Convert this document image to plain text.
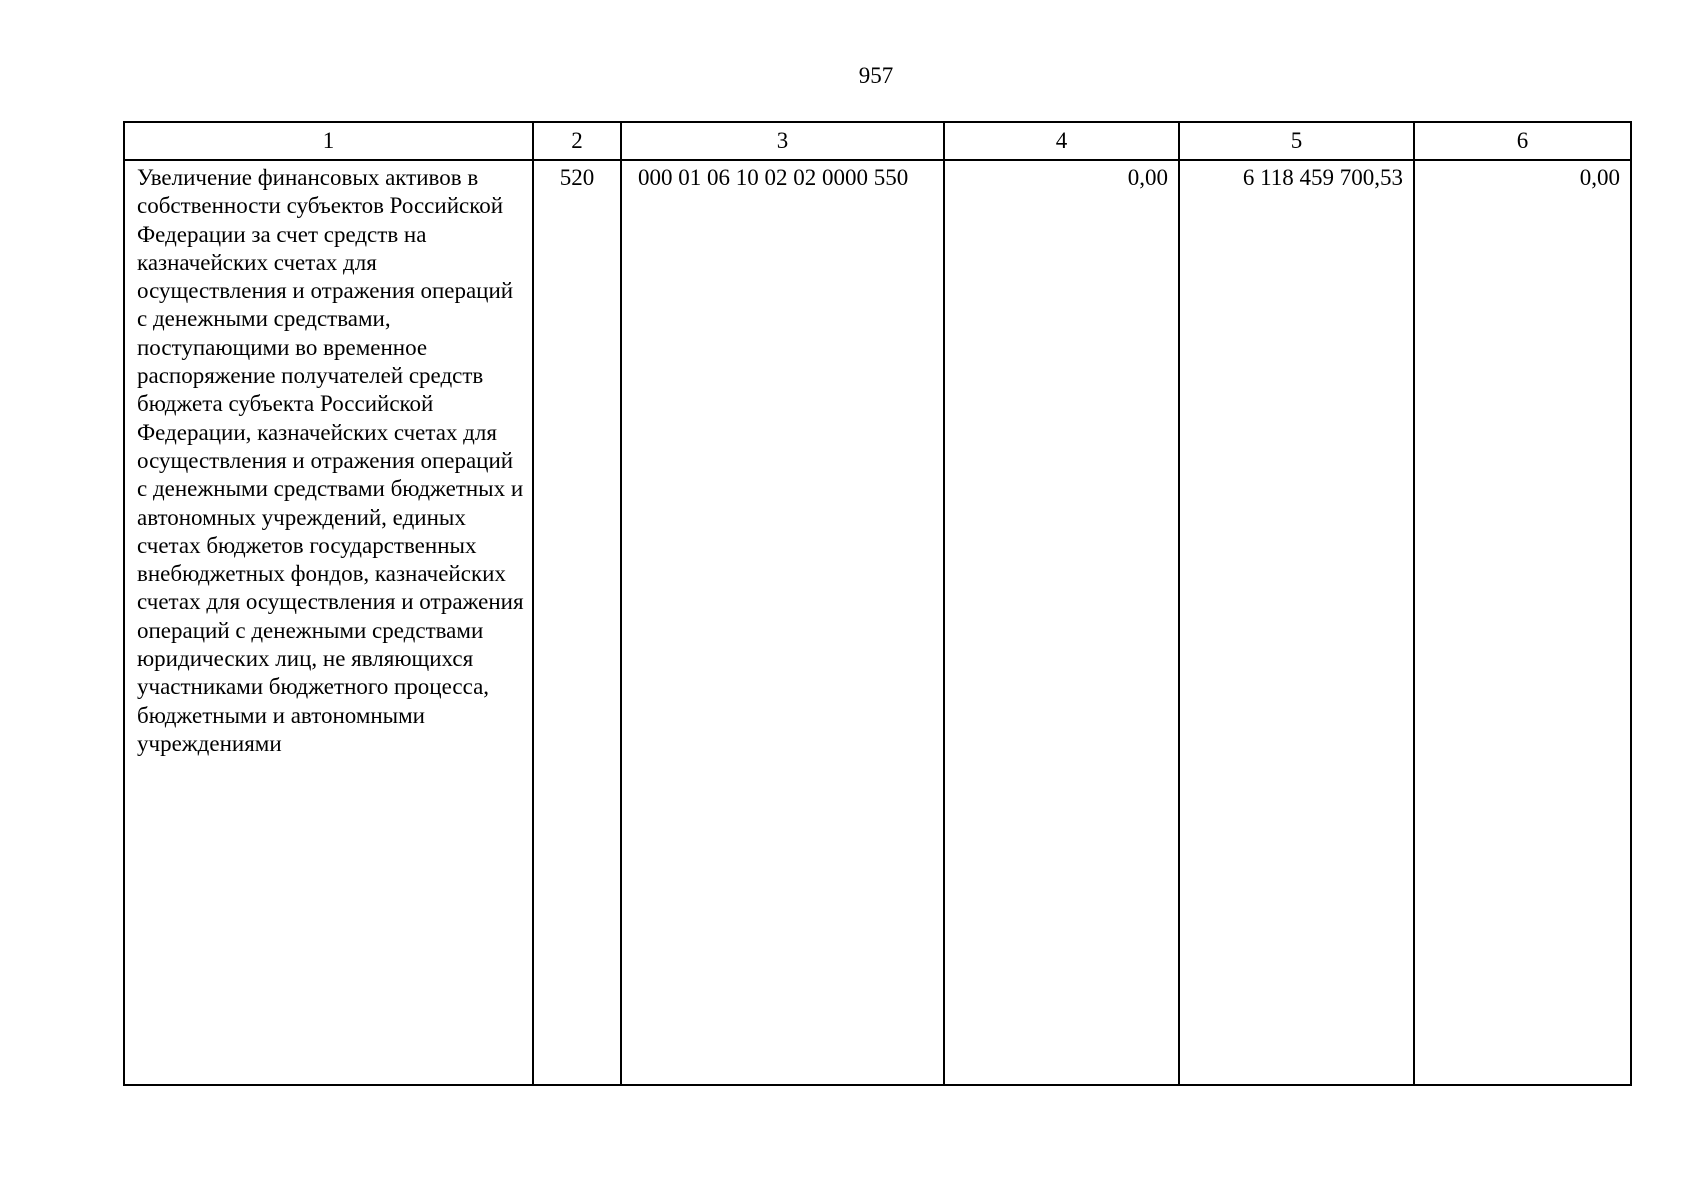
957
1	2	3	4	5	6
Увеличение финансовых активов в собственности субъектов Российской Федерации за счет средств на казначейских счетах для осуществления и отражения операций с денежными средствами, поступающими во временное распоряжение получателей средств бюджета субъекта Российской Федерации, казначейских счетах для осуществления и отражения операций с денежными средствами бюджетных и автономных учреждений, единых счетах бюджетов государственных внебюджетных фондов, казначейских счетах для осуществления и отражения операций с денежными средствами юридических лиц, не являющихся участниками бюджетного процесса, бюджетными и автономными учреждениями	520	000 01 06 10 02 02 0000 550	0,00	6 118 459 700,53	0,00
